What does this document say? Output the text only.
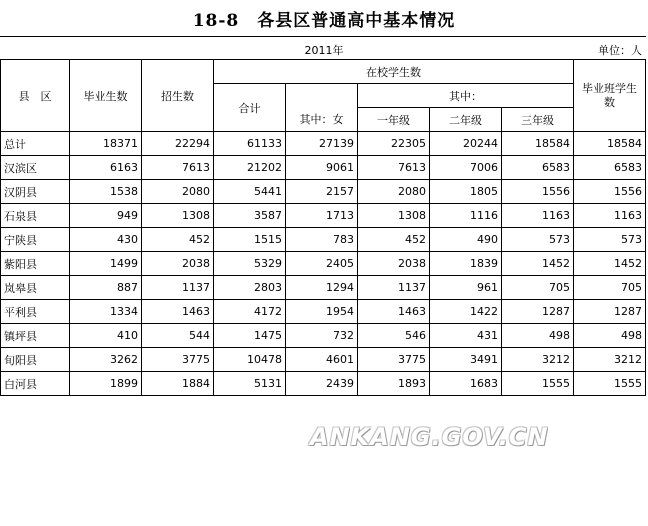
18-8　各县区普通高中基本情况
2011年	单位：人
县　区	毕业生数	招生数	在校学生数					毕业班学生数
			合计		其中：			
				其中：女	一年级	二年级	三年级	
总计	18371	22294	61133	27139	22305	20244	18584	18584
汉滨区	6163	7613	21202	9061	7613	7006	6583	6583
汉阴县	1538	2080	5441	2157	2080	1805	1556	1556
石泉县	949	1308	3587	1713	1308	1116	1163	1163
宁陕县	430	452	1515	783	452	490	573	573
紫阳县	1499	2038	5329	2405	2038	1839	1452	1452
岚皋县	887	1137	2803	1294	1137	961	705	705
平利县	1334	1463	4172	1954	1463	1422	1287	1287
镇坪县	410	544	1475	732	546	431	498	498
旬阳县	3262	3775	10478	4601	3775	3491	3212	3212
白河县	1899	1884	5131	2439	1893	1683	1555	1555
ANKANG.GOV.CN
